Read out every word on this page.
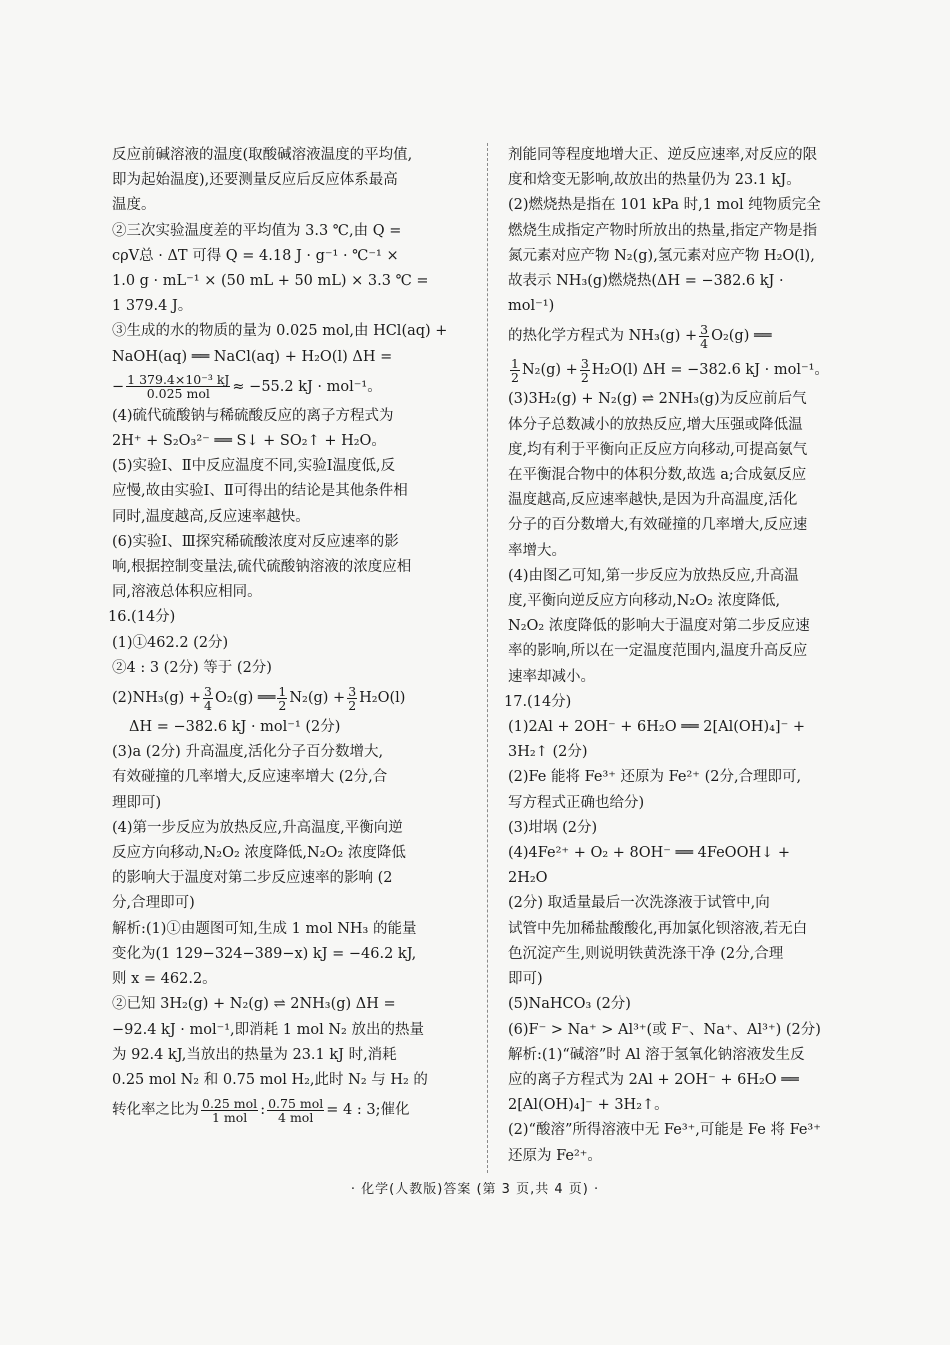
反应前碱溶液的温度(取酸碱溶液温度的平均值,

即为起始温度),还要测量反应后反应体系最高

温度。

②三次实验温度差的平均值为 3.3 ℃,由 Q =

cρV总 · ΔT 可得 Q = 4.18 J · g⁻¹ · ℃⁻¹ ×

1.0 g · mL⁻¹ × (50 mL + 50 mL) × 3.3 ℃ =

1 379.4 J。

③生成的水的物质的量为 0.025 mol,由 HCl(aq) +

NaOH(aq) ══ NaCl(aq) + H₂O(l) ΔH =

− $\frac{\text{1 379.4×10⁻³ kJ}}{\text{0.025 mol}} \approx -55.2$ kJ · mol⁻¹。

(4)硫代硫酸钠与稀硫酸反应的离子方程式为

2H⁺ + S₂O₃²⁻ ══ S↓ + SO₂↑ + H₂O。

(5)实验Ⅰ、Ⅱ中反应温度不同,实验Ⅰ温度低,反

应慢,故由实验Ⅰ、Ⅱ可得出的结论是其他条件相

同时,温度越高,反应速率越快。

(6)实验Ⅰ、Ⅲ探究稀硫酸浓度对反应速率的影

响,根据控制变量法,硫代硫酸钠溶液的浓度应相

同,溶液总体积应相同。

16.(14分)

(1)①462.2 (2分)

②4 : 3 (2分) 等于 (2分)

$(2)NH_3(g) + \frac{3}{4} O_2(g)$ ══ $\frac{1}{2} N_2(g) + \frac{3}{2} H_2O(l)$

ΔH = −382.6 kJ · mol⁻¹ (2分)

(3)a (2分) 升高温度,活化分子百分数增大,

有效碰撞的几率增大,反应速率增大 (2分,合

理即可)

(4)第一步反应为放热反应,升高温度,平衡向逆

反应方向移动,N₂O₂ 浓度降低,N₂O₂ 浓度降低

的影响大于温度对第二步反应速率的影响 (2

分,合理即可)

解析:(1)①由题图可知,生成 1 mol NH₃ 的能量

变化为(1 129−324−389−x) kJ = −46.2 kJ,

则 x = 462.2。

②已知 3H₂(g) + N₂(g) ⇌ 2NH₃(g) ΔH =

−92.4 kJ · mol⁻¹,即消耗 1 mol N₂ 放出的热量

为 92.4 kJ,当放出的热量为 23.1 kJ 时,消耗

0.25 mol N₂ 和 0.75 mol H₂,此时 N₂ 与 H₂ 的

转化率之比为 $\frac{\text{0.25 mol}}{\text{1 mol}}$ : $\frac{\text{0.75 mol}}{\text{4 mol}} = 4$ : 3;催化

剂能同等程度地增大正、逆反应速率,对反应的限

度和焓变无影响,故放出的热量仍为 23.1 kJ。

(2)燃烧热是指在 101 kPa 时,1 mol 纯物质完全

燃烧生成指定产物时所放出的热量,指定产物是指

氮元素对应产物 N₂(g),氢元素对应产物 H₂O(l),

故表示 NH₃(g)燃烧热(ΔH = −382.6 kJ · mol⁻¹)

的热化学方程式为 $NH_3(g) + \frac{3}{4} O_2(g)$ ══

$\frac{1}{2} N_2(g) + \frac{3}{2} H_2O(l) \Delta H = -382.6$ kJ · mol⁻¹。

(3)3H₂(g) + N₂(g) ⇌ 2NH₃(g)为反应前后气

体分子总数减小的放热反应,增大压强或降低温

度,均有利于平衡向正反应方向移动,可提高氨气

在平衡混合物中的体积分数,故选 a;合成氨反应

温度越高,反应速率越快,是因为升高温度,活化

分子的百分数增大,有效碰撞的几率增大,反应速

率增大。

(4)由图乙可知,第一步反应为放热反应,升高温

度,平衡向逆反应方向移动,N₂O₂ 浓度降低,

N₂O₂ 浓度降低的影响大于温度对第二步反应速

率的影响,所以在一定温度范围内,温度升高反应

速率却减小。

17.(14分)

(1)2Al + 2OH⁻ + 6H₂O ══ 2[Al(OH)₄]⁻ +

3H₂↑ (2分)

(2)Fe 能将 Fe³⁺ 还原为 Fe²⁺ (2分,合理即可,

写方程式正确也给分)

(3)坩埚 (2分)

(4)4Fe²⁺ + O₂ + 8OH⁻ ══ 4FeOOH↓ + 2H₂O

(2分) 取适量最后一次洗涤液于试管中,向

试管中先加稀盐酸酸化,再加氯化钡溶液,若无白

色沉淀产生,则说明铁黄洗涤干净 (2分,合理

即可)

(5)NaHCO₃ (2分)

(6)F⁻ > Na⁺ > Al³⁺(或 F⁻、Na⁺、Al³⁺) (2分)

解析:(1)“碱溶”时 Al 溶于氢氧化钠溶液发生反

应的离子方程式为 2Al + 2OH⁻ + 6H₂O ══

2[Al(OH)₄]⁻ + 3H₂↑。

(2)“酸溶”所得溶液中无 Fe³⁺,可能是 Fe 将 Fe³⁺

还原为 Fe²⁺。

· 化学(人教版)答案 (第 3 页,共 4 页) ·
